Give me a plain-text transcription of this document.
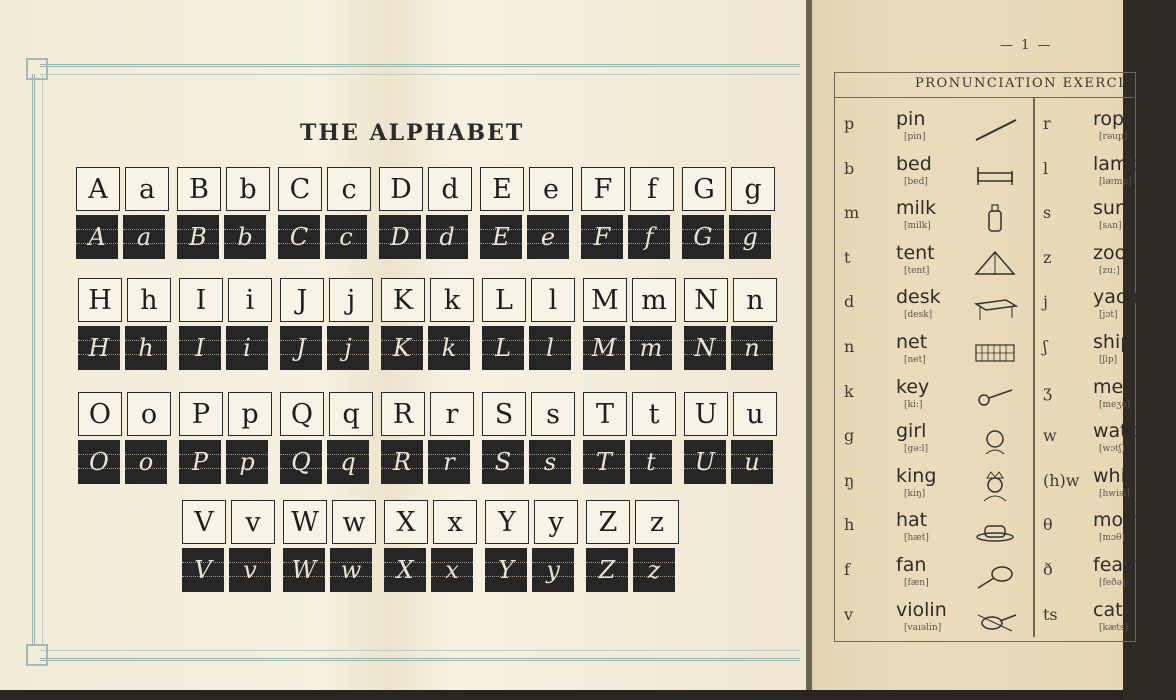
THE ALPHABET
A	a
A a
B	b
B b
C	c
C c
D	d
D d
E	e
E e
F	f
F f
G	g
G g
H	h
H h
I	i
I i
J	j
J j
K	k
K k
L	l
L l
M m
M m
N	n
N n
O	o
O o
P	p
P p
Q	q
Q q
R	r
R r
S	s
S s
T	t
T t
U	u
U u
V	v
V v
W w
W w
X	x
X x
Y	y
Y y
Z	z
Z z
— 1 —
PRONUNCIATION EXERCI
p	pin
[pin]
b	bed
[bed]
m	milk
[milk]
t	tent
[tent]
d	desk
[desk]
n	net
[net]
k	key
[ki:]
g	girl
[gə:l]
ŋ	king
[kiŋ]
h	hat
[hæt]
f	fan
[fæn]
v	violin
[vaɪəlin]
r	rope
[rəup]
l	lamp
[læmp]
s	sun
[sʌn]
z	zoo
[zu:]
j	yacht
[jɔt]
ʃ	ship
[ʃip]
ʒ	measure
[meʒə]
w	watch
[wɔtʃ]
(h)w whistle
[hwisl]
θ	moth
[mɔθ]
ð	feather
[feðə]
ts	cats
[kæts]
